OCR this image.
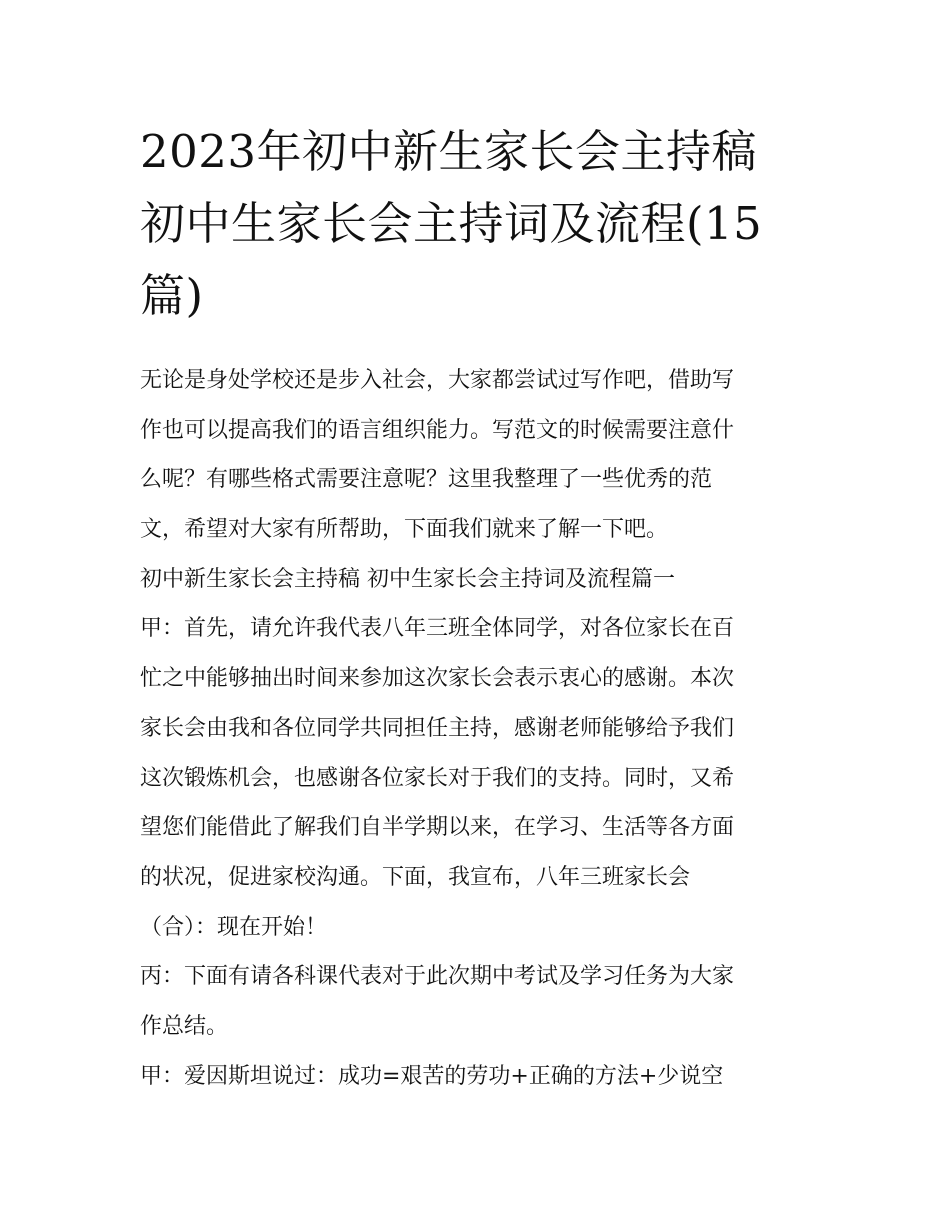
2023年初中新生家长会主持稿
初中生家长会主持词及流程(15
篇)
无论是身处学校还是步入社会，大家都尝试过写作吧，借助写
作也可以提高我们的语言组织能力。写范文的时候需要注意什
么呢？有哪些格式需要注意呢？这里我整理了一些优秀的范
文，希望对大家有所帮助，下面我们就来了解一下吧。
初中新生家长会主持稿 初中生家长会主持词及流程篇一
甲：首先，请允许我代表八年三班全体同学，对各位家长在百
忙之中能够抽出时间来参加这次家长会表示衷心的感谢。本次
家长会由我和各位同学共同担任主持，感谢老师能够给予我们
这次锻炼机会，也感谢各位家长对于我们的支持。同时，又希
望您们能借此了解我们自半学期以来，在学习、生活等各方面
的状况，促进家校沟通。下面，我宣布，八年三班家长会
（合）：现在开始！
丙：下面有请各科课代表对于此次期中考试及学习任务为大家
作总结。
甲：爱因斯坦说过：成功=艰苦的劳功+正确的方法+少说空
